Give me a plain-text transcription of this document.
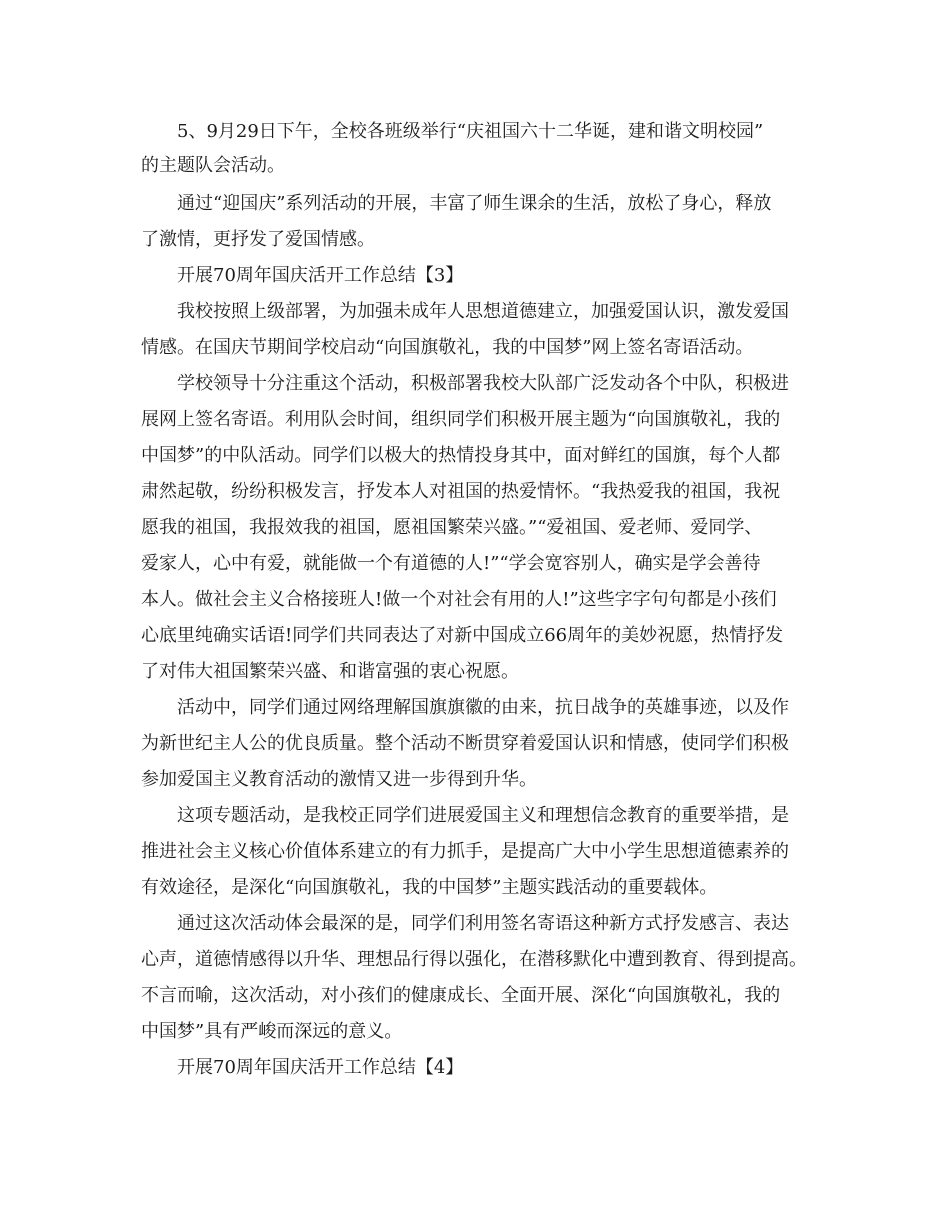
5、9月29日下午，全校各班级举行“庆祖国六十二华诞，建和谐文明校园”
的主题队会活动。
通过“迎国庆”系列活动的开展，丰富了师生课余的生活，放松了身心，释放
了激情，更抒发了爱国情感。
开展70周年国庆活开工作总结【3】
我校按照上级部署，为加强未成年人思想道德建立，加强爱国认识，激发爱国
情感。在国庆节期间学校启动“向国旗敬礼，我的中国梦”网上签名寄语活动。
学校领导十分注重这个活动，积极部署我校大队部广泛发动各个中队，积极进
展网上签名寄语。利用队会时间，组织同学们积极开展主题为“向国旗敬礼，我的
中国梦”的中队活动。同学们以极大的热情投身其中，面对鲜红的国旗，每个人都
肃然起敬，纷纷积极发言，抒发本人对祖国的热爱情怀。“我热爱我的祖国，我祝
愿我的祖国，我报效我的祖国，愿祖国繁荣兴盛。”“爱祖国、爱老师、爱同学、
爱家人，心中有爱，就能做一个有道德的人!”“学会宽容别人，确实是学会善待
本人。做社会主义合格接班人!做一个对社会有用的人!”这些字字句句都是小孩们
心底里纯确实话语!同学们共同表达了对新中国成立66周年的美妙祝愿，热情抒发
了对伟大祖国繁荣兴盛、和谐富强的衷心祝愿。
活动中，同学们通过网络理解国旗旗徽的由来，抗日战争的英雄事迹，以及作
为新世纪主人公的优良质量。整个活动不断贯穿着爱国认识和情感，使同学们积极
参加爱国主义教育活动的激情又进一步得到升华。
这项专题活动，是我校正同学们进展爱国主义和理想信念教育的重要举措，是
推进社会主义核心价值体系建立的有力抓手，是提高广大中小学生思想道德素养的
有效途径，是深化“向国旗敬礼，我的中国梦”主题实践活动的重要载体。
通过这次活动体会最深的是，同学们利用签名寄语这种新方式抒发感言、表达
心声，道德情感得以升华、理想品行得以强化，在潜移默化中遭到教育、得到提高。
不言而喻，这次活动，对小孩们的健康成长、全面开展、深化“向国旗敬礼，我的
中国梦”具有严峻而深远的意义。
开展70周年国庆活开工作总结【4】
